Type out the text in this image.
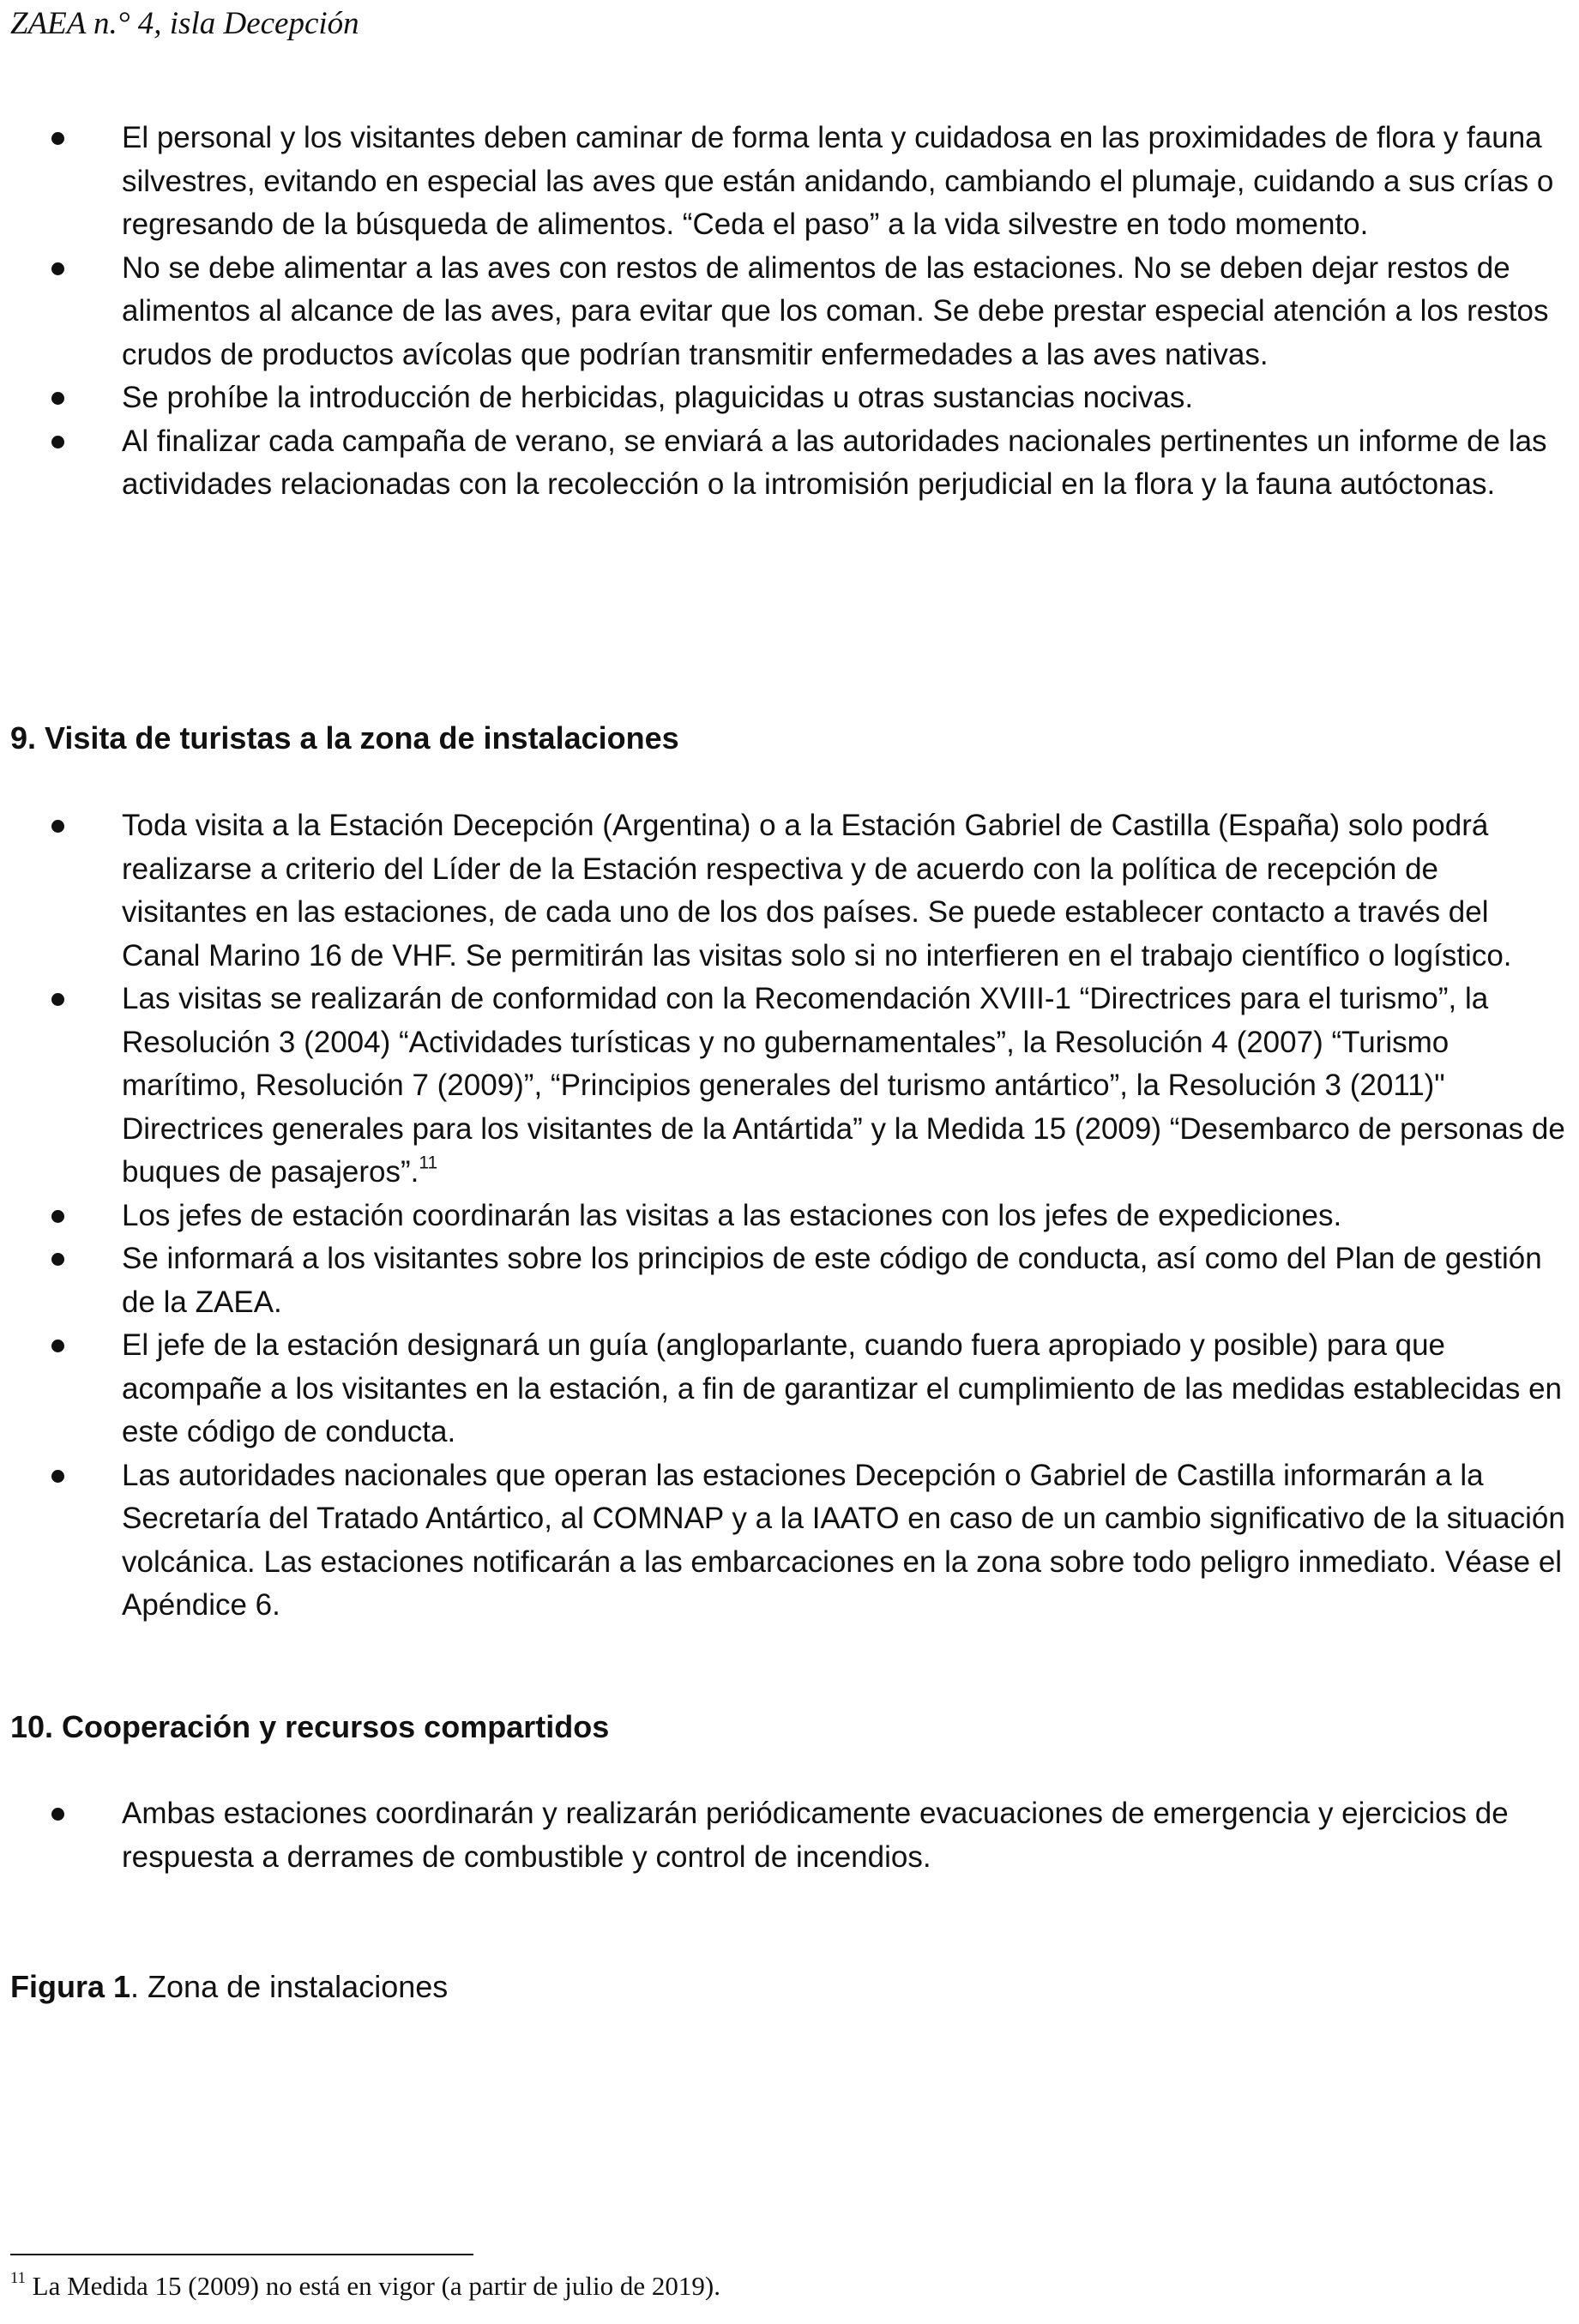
ZAEA n.° 4, isla Decepción
El personal y los visitantes deben caminar de forma lenta y cuidadosa en las proximidades de flora y fauna silvestres, evitando en especial las aves que están anidando, cambiando el plumaje, cuidando a sus crías o regresando de la búsqueda de alimentos. “Ceda el paso” a la vida silvestre en todo momento.
No se debe alimentar a las aves con restos de alimentos de las estaciones. No se deben dejar restos de alimentos al alcance de las aves, para evitar que los coman. Se debe prestar especial atención a los restos crudos de productos avícolas que podrían transmitir enfermedades a las aves nativas.
Se prohíbe la introducción de herbicidas, plaguicidas u otras sustancias nocivas.
Al finalizar cada campaña de verano, se enviará a las autoridades nacionales pertinentes un informe de las actividades relacionadas con la recolección o la intromisión perjudicial en la flora y la fauna autóctonas.
9. Visita de turistas a la zona de instalaciones
Toda visita a la Estación Decepción (Argentina) o a la Estación Gabriel de Castilla (España) solo podrá realizarse a criterio del Líder de la Estación respectiva y de acuerdo con la política de recepción de visitantes en las estaciones, de cada uno de los dos países. Se puede establecer contacto a través del Canal Marino 16 de VHF. Se permitirán las visitas solo si no interfieren en el trabajo científico o logístico.
Las visitas se realizarán de conformidad con la Recomendación XVIII-1 “Directrices para el turismo”, la Resolución 3 (2004) “Actividades turísticas y no gubernamentales”, la Resolución 4 (2007) “Turismo marítimo, Resolución 7 (2009)”, “Principios generales del turismo antártico”, la Resolución 3 (2011)" Directrices generales para los visitantes de la Antártida” y la Medida 15 (2009) “Desembarco de personas de buques de pasajeros”.$^{11}$
Los jefes de estación coordinarán las visitas a las estaciones con los jefes de expediciones.
Se informará a los visitantes sobre los principios de este código de conducta, así como del Plan de gestión de la ZAEA.
El jefe de la estación designará un guía (angloparlante, cuando fuera apropiado y posible) para que acompañe a los visitantes en la estación, a fin de garantizar el cumplimiento de las medidas establecidas en este código de conducta.
Las autoridades nacionales que operan las estaciones Decepción o Gabriel de Castilla informarán a la Secretaría del Tratado Antártico, al COMNAP y a la IAATO en caso de un cambio significativo de la situación volcánica. Las estaciones notificarán a las embarcaciones en la zona sobre todo peligro inmediato. Véase el Apéndice 6.
10. Cooperación y recursos compartidos
Ambas estaciones coordinarán y realizarán periódicamente evacuaciones de emergencia y ejercicios de respuesta a derrames de combustible y control de incendios.
Figura 1. Zona de instalaciones
$^{11}$ La Medida 15 (2009) no está en vigor (a partir de julio de 2019).
